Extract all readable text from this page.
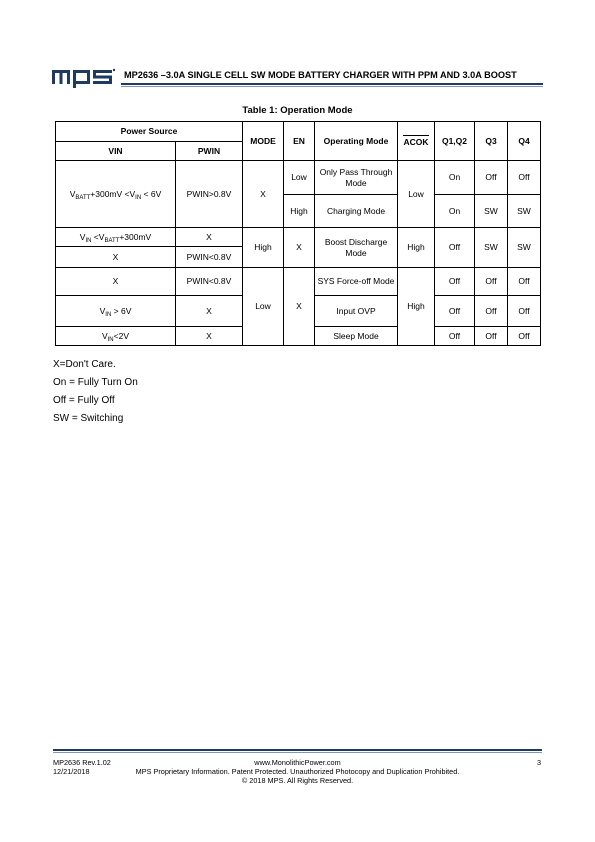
MP2636 –3.0A SINGLE CELL SW MODE BATTERY CHARGER WITH PPM AND 3.0A BOOST
Table 1: Operation Mode
Power Source		MODE	EN	Operating Mode	ACOK	Q1,Q2	Q3	Q4
VIN	PWIN							
$V_{BATT}+300mV <V_{IN} < 6V$	PWIN>0.8V	X	Low	Only Pass Through Mode	Low	On	Off	Off
			High	Charging Mode		On	SW	SW
$V_{IN} <V_{BATT}+300mV$	X	High	X	Boost Discharge Mode	High	Off	SW	SW
X	PWIN<0.8V							
X	PWIN<0.8V	Low	X	SYS Force-off Mode	High	Off	Off	Off
$V_{IN} > 6V$	X			Input OVP		Off	Off	Off
$V_{IN}<2V$	X			Sleep Mode		Off	Off	Off
X=Don't Care.
On = Fully Turn On
Off = Fully Off
SW = Switching
MP2636 Rev.1.02
12/21/2018
www.MonolithicPower.com
MPS Proprietary Information. Patent Protected. Unauthorized Photocopy and Duplication Prohibited.
© 2018 MPS. All Rights Reserved.
3
